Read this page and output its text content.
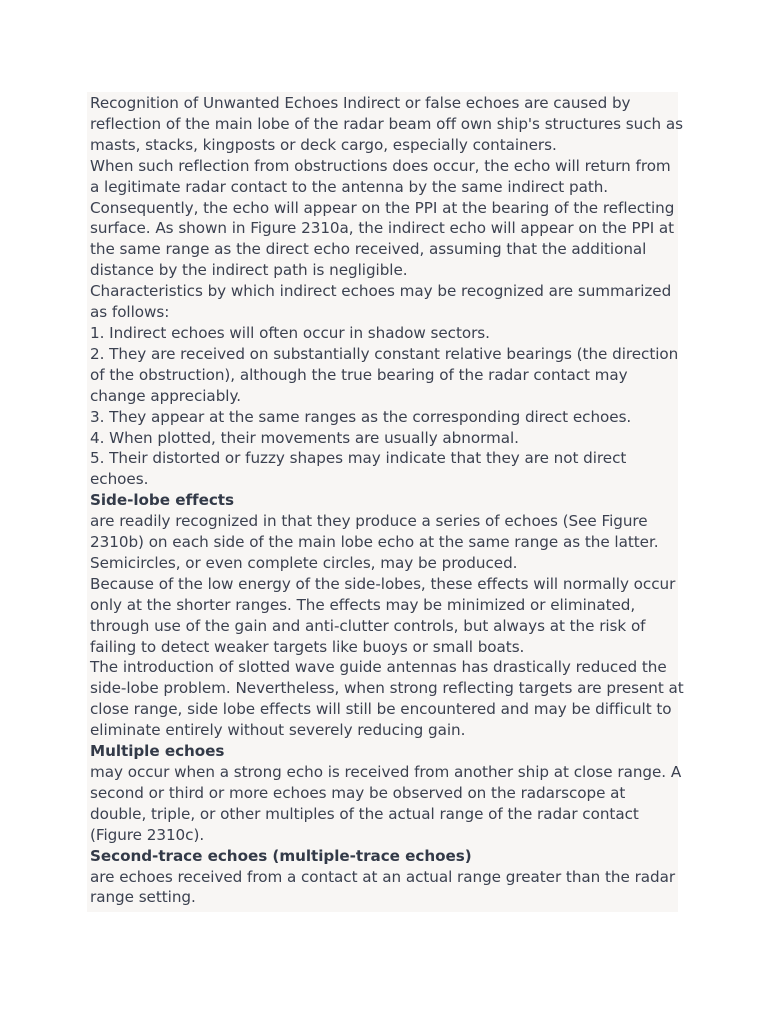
Recognition of Unwanted Echoes Indirect or false echoes are caused by
reflection of the main lobe of the radar beam off own ship's structures such as
masts, stacks, kingposts or deck cargo, especially containers.
When such reflection from obstructions does occur, the echo will return from
a legitimate radar contact to the antenna by the same indirect path.
Consequently, the echo will appear on the PPI at the bearing of the reflecting
surface. As shown in Figure 2310a, the indirect echo will appear on the PPI at
the same range as the direct echo received, assuming that the additional
distance by the indirect path is negligible.
Characteristics by which indirect echoes may be recognized are summarized
as follows:
1. Indirect echoes will often occur in shadow sectors.
2. They are received on substantially constant relative bearings (the direction
of the obstruction), although the true bearing of the radar contact may
change appreciably.
3. They appear at the same ranges as the corresponding direct echoes.
4. When plotted, their movements are usually abnormal.
5. Their distorted or fuzzy shapes may indicate that they are not direct
echoes.
Side-lobe effects
are readily recognized in that they produce a series of echoes (See Figure
2310b) on each side of the main lobe echo at the same range as the latter.
Semicircles, or even complete circles, may be produced.
Because of the low energy of the side-lobes, these effects will normally occur
only at the shorter ranges. The effects may be minimized or eliminated,
through use of the gain and anti-clutter controls, but always at the risk of
failing to detect weaker targets like buoys or small boats.
The introduction of slotted wave guide antennas has drastically reduced the
side-lobe problem. Nevertheless, when strong reflecting targets are present at
close range, side lobe effects will still be encountered and may be difficult to
eliminate entirely without severely reducing gain.
Multiple echoes
may occur when a strong echo is received from another ship at close range. A
second or third or more echoes may be observed on the radarscope at
double, triple, or other multiples of the actual range of the radar contact
(Figure 2310c).
Second-trace echoes (multiple-trace echoes)
are echoes received from a contact at an actual range greater than the radar
range setting.
